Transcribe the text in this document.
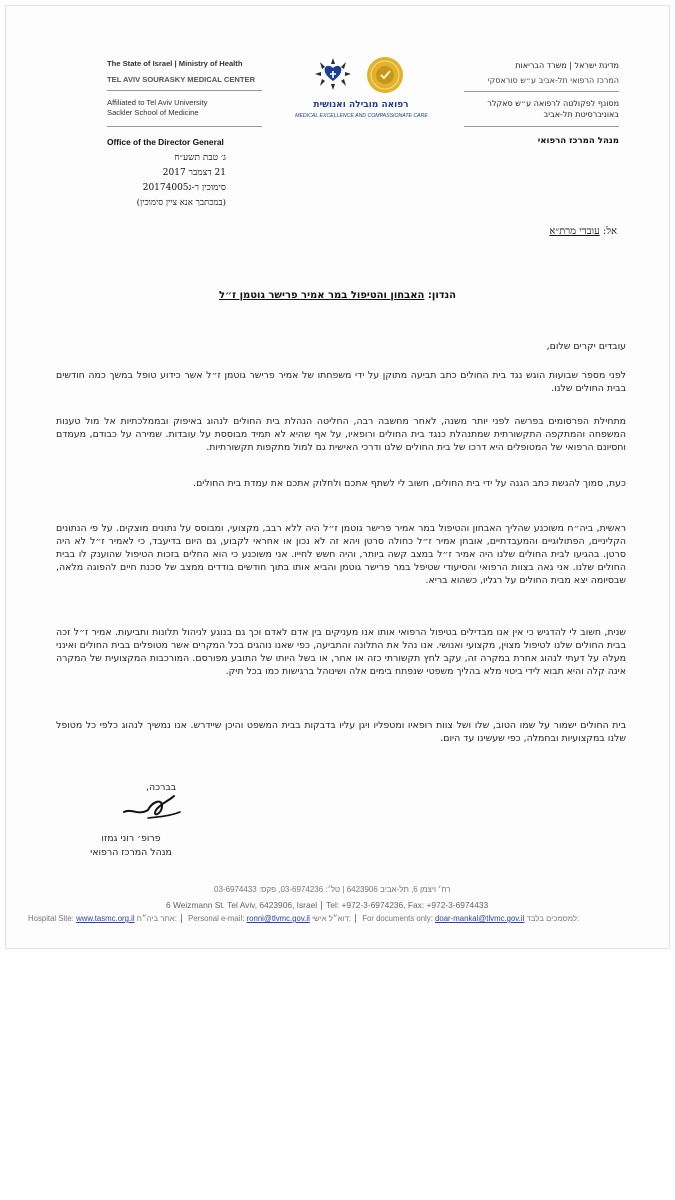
The State of Israel | Ministry of Health
TEL AVIV SOURASKY MEDICAL CENTER
Affiliated to Tel Aviv University
Sackler School of Medicine
Office of the Director General
רפואה מובילה ואנושית
MEDICAL EXCELLENCE AND COMPASSIONATE CARE
מדינת ישראל | משרד הבריאות
המרכז הרפואי תל-אביב ע״ש סוראסקי
מסונף לפקולטה לרפואה ע״ש סאקלר
באוניברסיטת תל-אביב
מנהל המרכז הרפואי
ג׳ טבת תשע״ח
21 דצמבר 2017
סימוכין ר-ג20174005
(במכתבך אנא ציין סימוכין)
אל: עובדי מרת״א
הנדון: האבחון והטיפול במר אמיר פרישר גוטמן ז״ל
עובדים יקרים שלום,
לפני מספר שבועות הוגש נגד בית החולים כתב תביעה מתוקן על ידי משפחתו של אמיר פרישר גוטמן ז״ל אשר כידוע טופל במשך כמה חודשים בבית החולים שלנו.
מתחילת הפרסומים בפרשה לפני יותר משנה, לאחר מחשבה רבה, החליטה הנהלת בית החולים לנהוג באיפוק ובממלכתיות אל מול טענות המשפחה והמתקפה התקשורתית שמתנהלת כנגד בית החולים ורופאיו, על אף שהיא לא תמיד מבוססת על עובדות. שמירה על כבודם, מעמדם וחסיונם הרפואי של המטופלים היא דרכו של בית החולים שלנו ודרכי האישית גם למול מתקפות תקשורתיות.
כעת, סמוך להגשת כתב הגנה על ידי בית החולים, חשוב לי לשתף אתכם ולחלוק אתכם את עמדת בית החולים.
ראשית, ביה״ח משוכנע שהליך האבחון והטיפול במר אמיר פרישר גוטמן ז״ל היה ללא רבב, מקצועי, ומבוסס על נתונים מוצקים. על פי הנתונים הקליניים, הפתולוגיים והמעבדתיים, אובחן אמיר ז״ל כחולה סרטן ויהא זה לא נכון או אחראי לקבוע, גם היום בדיעבד, כי לאמיר ז״ל לא היה סרטן. בהגיעו לבית החולים שלנו היה אמיר ז״ל במצב קשה ביותר, והיה חשש לחייו. אני משוכנע כי הוא החלים בזכות הטיפול שהוענק לו בבית החולים שלנו. אני גאה בצוות הרפואי והסיעודי שטיפל במר פרישר גוטמן והביא אותו בתוך חודשים בודדים ממצב של סכנת חיים להפוגה מלאה, שבסיומה יצא מבית החולים על רגליו, כשהוא בריא.
שנית, חשוב לי להדגיש כי אין אנו מבדילים בטיפול הרפואי אותו אנו מעניקים בין אדם לאדם וכך גם בנוגע לניהול תלונות ותביעות. אמיר ז״ל זכה בבית החולים שלנו לטיפול מצוין, מקצועי ואנושי. אנו נהל את התלונה והתביעה, כפי שאנו נוהגים בכל המקרים אשר מטופלים בבית החולים ואינני מעלה על דעתי לנהוג אחרת במקרה זה, עקב לחץ תקשורתי כזה או אחר, או בשל היותו של התובע מפורסם. המורכבות המקצועית של המקרה אינה קלה והיא תבוא לידי ביטוי מלא בהליך משפטי שנפתח בימים אלה ושינוהל ברגישות כמו בכל תיק.
בית החולים ישמור על שמו הטוב, שלו ושל צוות רופאיו ומטפליו ויגן עליו בדבקות בבית המשפט והיכן שיידרש. אנו נמשיך לנהוג כלפי כל מטופל שלנו במקצועיות ובחמלה, כפי שעשינו עד היום.
בברכה,
פרופ׳ רוני גמזו
מנהל המרכז הרפואי
רח׳ ויצמן 6, תל-אביב 6423906 | טל׳: 03-6974236, פקס: 03-6974433
6 Weizmann St. Tel Aviv, 6423906, Israel Tel: +972-3-6974236, Fax: +972-3-6974433
Hospital Site: www.tasmc.org.il אתר ביה״ח: Personal e-mail: ronni@tlvmc.gov.il דוא״ל אישי: For documents only: doar-mankal@tlvmc.gov.il למסמכים בלבד:
